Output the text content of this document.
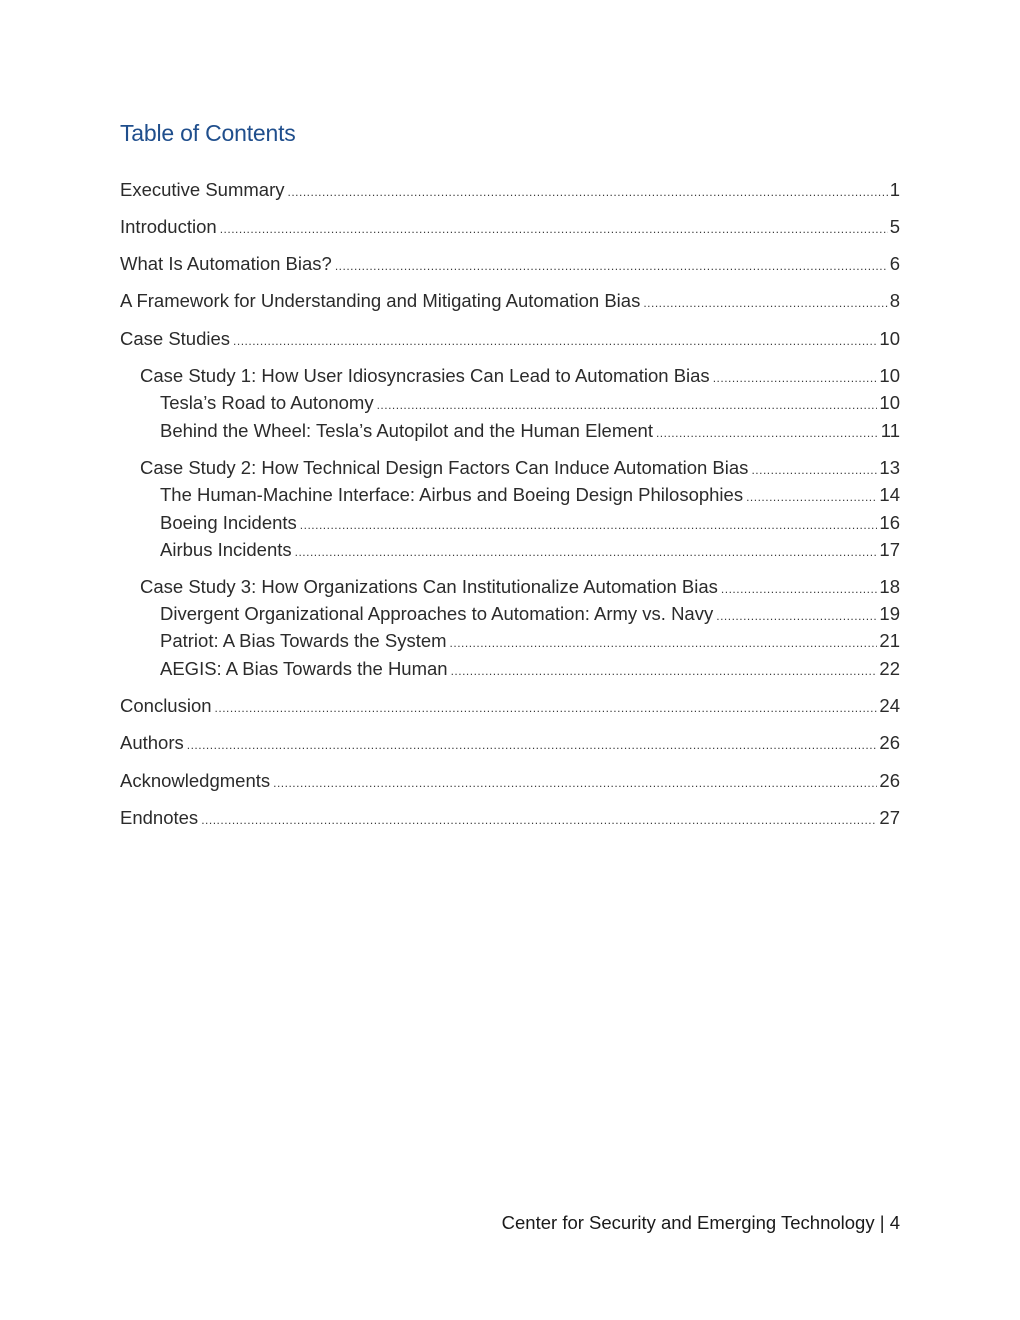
Table of Contents
Executive Summary .....	1
Introduction .....	5
What Is Automation Bias? .....	6
A Framework for Understanding and Mitigating Automation Bias .....	8
Case Studies .....	10
Case Study 1: How User Idiosyncrasies Can Lead to Automation Bias .....	10
Tesla’s Road to Autonomy .....	10
Behind the Wheel: Tesla’s Autopilot and the Human Element .....	11
Case Study 2: How Technical Design Factors Can Induce Automation Bias .....	13
The Human-Machine Interface: Airbus and Boeing Design Philosophies .....	14
Boeing Incidents .....	16
Airbus Incidents .....	17
Case Study 3: How Organizations Can Institutionalize Automation Bias .....	18
Divergent Organizational Approaches to Automation: Army vs. Navy .....	19
Patriot: A Bias Towards the System .....	21
AEGIS: A Bias Towards the Human .....	22
Conclusion .....	24
Authors .....	26
Acknowledgments .....	26
Endnotes .....	27
Center for Security and Emerging Technology | 4
